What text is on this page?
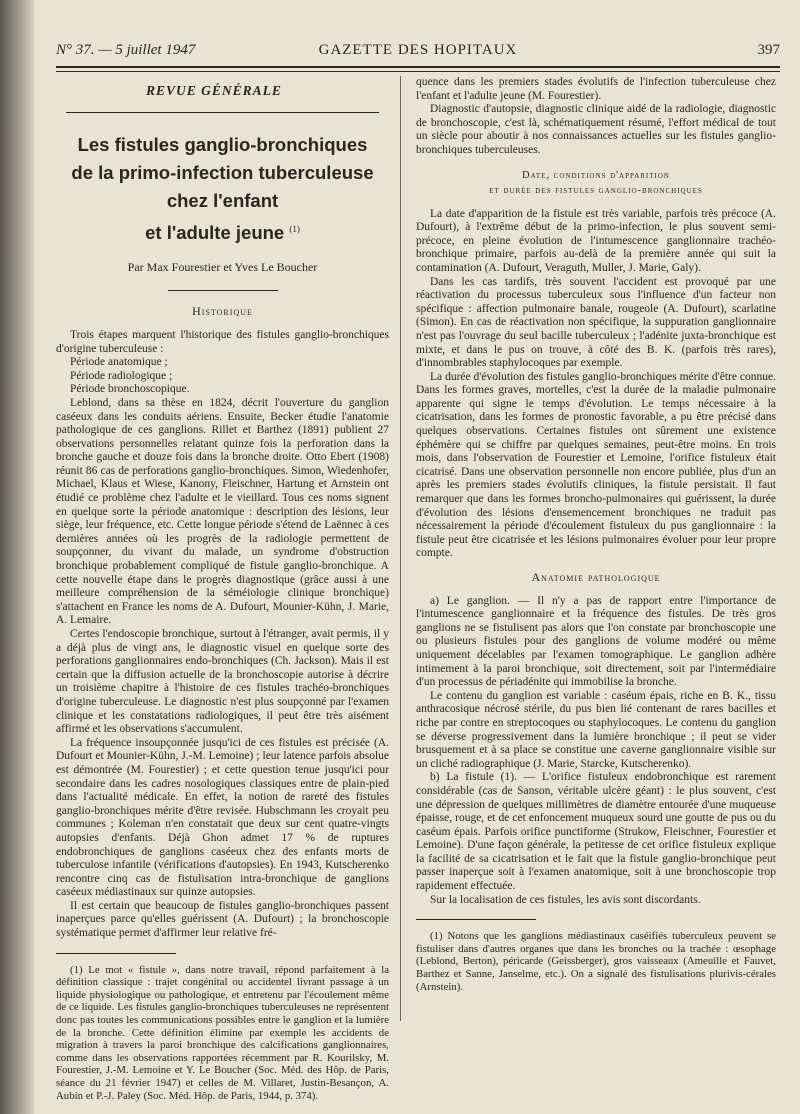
N° 37. — 5 juillet 1947	GAZETTE DES HOPITAUX	397
REVUE GÉNÉRALE
Les fistules ganglio-bronchiques
de la primo-infection tuberculeuse chez l'enfant
et l'adulte jeune $^{(1)}$
Par Max Fourestier et Yves Le Boucher
Historique

Trois étapes marquent l'historique des fistules ganglio-bronchiques d'origine tuberculeuse :

Période anatomique ;

Période radiologique ;

Période bronchoscopique.

Leblond, dans sa thèse en 1824, décrit l'ouverture du ganglion caséeux dans les conduits aériens. Ensuite, Becker étudie l'anatomie pathologique de ces ganglions. Rillet et Barthez (1891) publient 27 observations personnelles relatant quinze fois la perforation dans la bronche gauche et douze fois dans la bronche droite. Otto Ebert (1908) réunit 86 cas de perforations ganglio-bronchiques. Simon, Wiedenhofer, Michael, Klaus et Wiese, Kanony, Fleischner, Hartung et Arnstein ont étudié ce problème chez l'adulte et le vieillard. Tous ces noms signent en quelque sorte la période anatomique : description des lésions, leur siège, leur fréquence, etc. Cette longue période s'étend de Laënnec à ces dernières années où les progrès de la radiologie permettent de soupçonner, du vivant du malade, un syndrome d'obstruction bronchique probablement compliqué de fistule ganglio-bronchique. A cette nouvelle étape dans le progrès diagnostique (grâce aussi à une meilleure compréhension de la séméiologie clinique bronchique) s'attachent en France les noms de A. Dufourt, Mounier-Kühn, J. Marie, A. Lemaire.

Certes l'endoscopie bronchique, surtout à l'étranger, avait permis, il y a déjà plus de vingt ans, le diagnostic visuel en quelque sorte des perforations ganglionnaires endo-bronchiques (Ch. Jackson). Mais il est certain que la diffusion actuelle de la bronchoscopie autorise à décrire un troisième chapitre à l'histoire de ces fistules trachéo-bronchiques d'origine tuberculeuse. Le diagnostic n'est plus soupçonné par l'examen clinique et les constatations radiologiques, il peut être très aisément affirmé et les observations s'accumulent.

La fréquence insoupçonnée jusqu'ici de ces fistules est précisée (A. Dufourt et Mounier-Kühn, J.-M. Lemoine) ; leur latence parfois absolue est démontrée (M. Fourestier) ; et cette question tenue jusqu'ici pour secondaire dans les cadres nosologiques classiques entre de plain-pied dans l'actualité médicale. En effet, la notion de rareté des fistules ganglio-bronchiques mérite d'être revisée. Hubschmann les croyait peu communes ; Koleman n'en constatait que deux sur cent quatre-vingts autopsies d'enfants. Déjà Ghon admet 17 % de ruptures endobronchiques de ganglions caséeux chez des enfants morts de tuberculose infantile (vérifications d'autopsies). En 1943, Kutscherenko rencontre cinq cas de fistulisation intra-bronchique de ganglions caséeux médiastinaux sur quinze autopsies.

Il est certain que beaucoup de fistules ganglio-bronchiques passent inaperçues parce qu'elles guérissent (A. Dufourt) ; la bronchoscopie systématique permet d'affirmer leur relative fré-

(1) Le mot « fistule », dans notre travail, répond parfaitement à la définition classique : trajet congénital ou accidentel livrant passage à un liquide physiologique ou pathologique, et entretenu par l'écoulement même de ce liquide. Les fistules ganglio-bronchiques tuberculeuses ne représentent donc pas toutes les communications possibles entre le ganglion et la lumière de la bronche. Cette définition élimine par exemple les accidents de migration à travers la paroi bronchique des calcifications ganglionnaires, comme dans les observations rapportées récemment par R. Kourilsky, M. Fourestier, J.-M. Lemoine et Y. Le Boucher (Soc. Méd. des Hôp. de Paris, séance du 21 février 1947) et celles de M. Villaret, Justin-Besançon, A. Aubin et P.-J. Paley (Soc. Méd. Hôp. de Paris, 1944, p. 374).

quence dans les premiers stades évolutifs de l'infection tuberculeuse chez l'enfant et l'adulte jeune (M. Fourestier).

Diagnostic d'autopsie, diagnostic clinique aidé de la radiologie, diagnostic de bronchoscopie, c'est là, schématiquement résumé, l'effort médical de tout un siècle pour aboutir à nos connaissances actuelles sur les fistules ganglio-bronchiques tuberculeuses.

Date, conditions d'apparition
et durée des fistules ganglio-bronchiques

La date d'apparition de la fistule est très variable, parfois très précoce (A. Dufourt), à l'extrême début de la primo-infection, le plus souvent semi-précoce, en pleine évolution de l'intumescence ganglionnaire trachéo-bronchique primaire, parfois au-delà de la première année qui suit la contamination (A. Dufourt, Veraguth, Muller, J. Marie, Galy).

Dans les cas tardifs, très souvent l'accident est provoqué par une réactivation du processus tuberculeux sous l'influence d'un facteur non spécifique : affection pulmonaire banale, rougeole (A. Dufourt), scarlatine (Simon). En cas de réactivation non spécifique, la suppuration ganglionnaire n'est pas l'ouvrage du seul bacille tuberculeux ; l'adénite juxta-bronchique est mixte, et dans le pus on trouve, à côté des B. K. (parfois très rares), d'innombrables staphylocoques par exemple.

La durée d'évolution des fistules ganglio-bronchiques mérite d'être connue. Dans les formes graves, mortelles, c'est la durée de la maladie pulmonaire apparente qui signe le temps d'évolution. Le temps nécessaire à la cicatrisation, dans les formes de pronostic favorable, a pu être précisé dans quelques observations. Certaines fistules ont sûrement une existence éphémère qui se chiffre par quelques semaines, peut-être moins. En trois mois, dans l'observation de Fourestier et Lemoine, l'orifice fistuleux était cicatrisé. Dans une observation personnelle non encore publiée, plus d'un an après les premiers stades évolutifs cliniques, la fistule persistait. Il faut remarquer que dans les formes broncho-pulmonaires qui guérissent, la durée d'évolution des lésions d'ensemencement bronchiques ne traduit pas nécessairement la période d'écoulement fistuleux du pus ganglionnaire : la fistule peut être cicatrisée et les lésions pulmonaires évoluer pour leur propre compte.

Anatomie pathologique

a) Le ganglion. — Il n'y a pas de rapport entre l'importance de l'intumescence ganglionnaire et la fréquence des fistules. De très gros ganglions ne se fistulisent pas alors que l'on constate par bronchoscopie une ou plusieurs fistules pour des ganglions de volume modéré ou même uniquement décelables par l'examen tomographique. Le ganglion adhère intimement à la paroi bronchique, soit directement, soit par l'intermédiaire d'un processus de périadénite qui immobilise la bronche.

Le contenu du ganglion est variable : caséum épais, riche en B. K., tissu anthracosique nécrosé stérile, du pus bien lié contenant de rares bacilles et riche par contre en streptocoques ou staphylocoques. Le contenu du ganglion se déverse progressivement dans la lumière bronchique ; il peut se vider brusquement et à sa place se constitue une caverne ganglionnaire visible sur un cliché radiographique (J. Marie, Starcke, Kutscherenko).

b) La fistule (1). — L'orifice fistuleux endobronchique est rarement considérable (cas de Sanson, véritable ulcère géant) : le plus souvent, c'est une dépression de quelques millimètres de diamètre entourée d'une muqueuse épaisse, rouge, et de cet enfoncement muqueux sourd une goutte de pus ou du caséum épais. Parfois orifice punctiforme (Strukow, Fleischner, Fourestier et Lemoine). D'une façon générale, la petitesse de cet orifice fistuleux explique la facilité de sa cicatrisation et le fait que la fistule ganglio-bronchique peut passer inaperçue soit à l'examen anatomique, soit à une bronchoscopie trop rapidement effectuée.

Sur la localisation de ces fistules, les avis sont discordants.

(1) Notons que les ganglions médiastinaux caséifiés tuberculeux peuvent se fistuliser dans d'autres organes que dans les bronches ou la trachée : œsophage (Leblond, Berton), péricarde (Geissberger), gros vaisseaux (Ameuille et Fauvet, Barthez et Sanne, Janselme, etc.). On a signalé des fistulisations plurivis-cérales (Arnstein).
